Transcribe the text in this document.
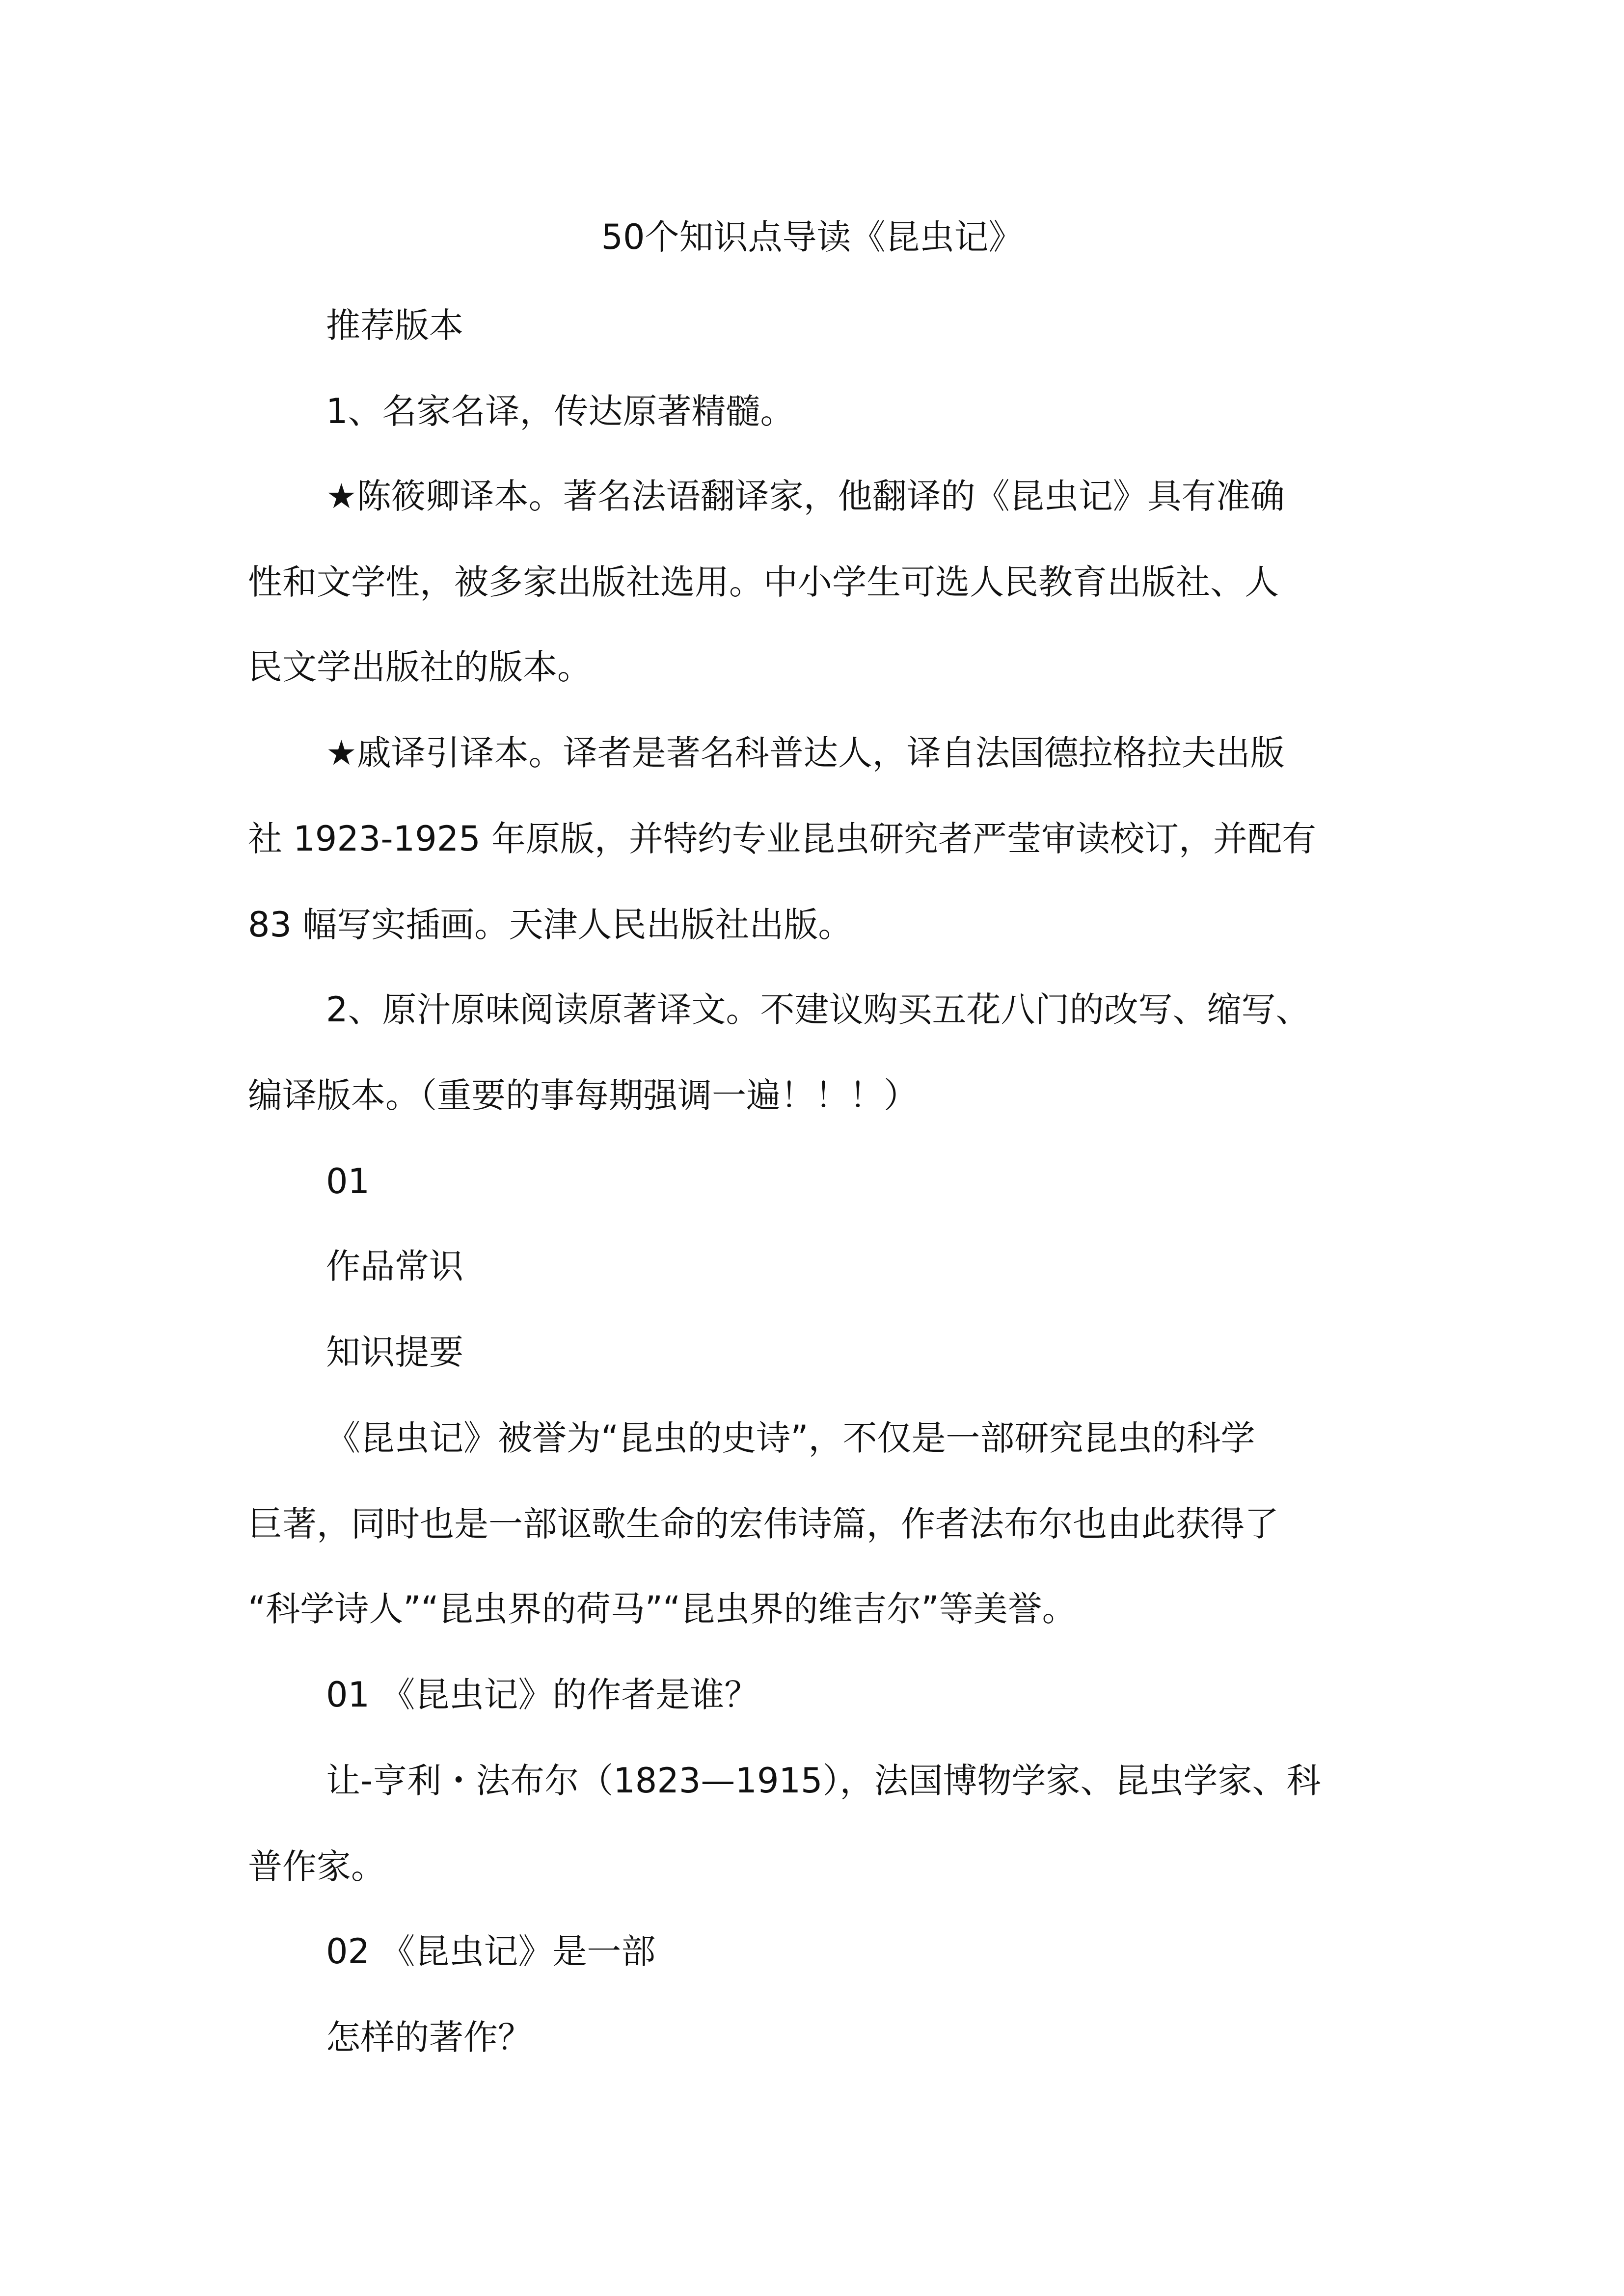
50个知识点导读《昆虫记》
推荐版本
1、名家名译，传达原著精髓。
★陈筱卿译本。著名法语翻译家，他翻译的《昆虫记》具有准确
性和文学性，被多家出版社选用。中小学生可选人民教育出版社、人
民文学出版社的版本。
★戚译引译本。译者是著名科普达人，译自法国德拉格拉夫出版
社 1923-1925 年原版，并特约专业昆虫研究者严莹审读校订，并配有
83 幅写实插画。天津人民出版社出版。
2、原汁原味阅读原著译文。不建议购买五花八门的改写、缩写、
编译版本。（重要的事每期强调一遍！！！）
01
作品常识
知识提要
《昆虫记》被誉为“昆虫的史诗”，不仅是一部研究昆虫的科学
巨著，同时也是一部讴歌生命的宏伟诗篇，作者法布尔也由此获得了
“科学诗人”“昆虫界的荷马”“昆虫界的维吉尔”等美誉。
01 《昆虫记》的作者是谁？
让-亨利・法布尔（1823—1915），法国博物学家、昆虫学家、科
普作家。
02 《昆虫记》是一部
怎样的著作？
